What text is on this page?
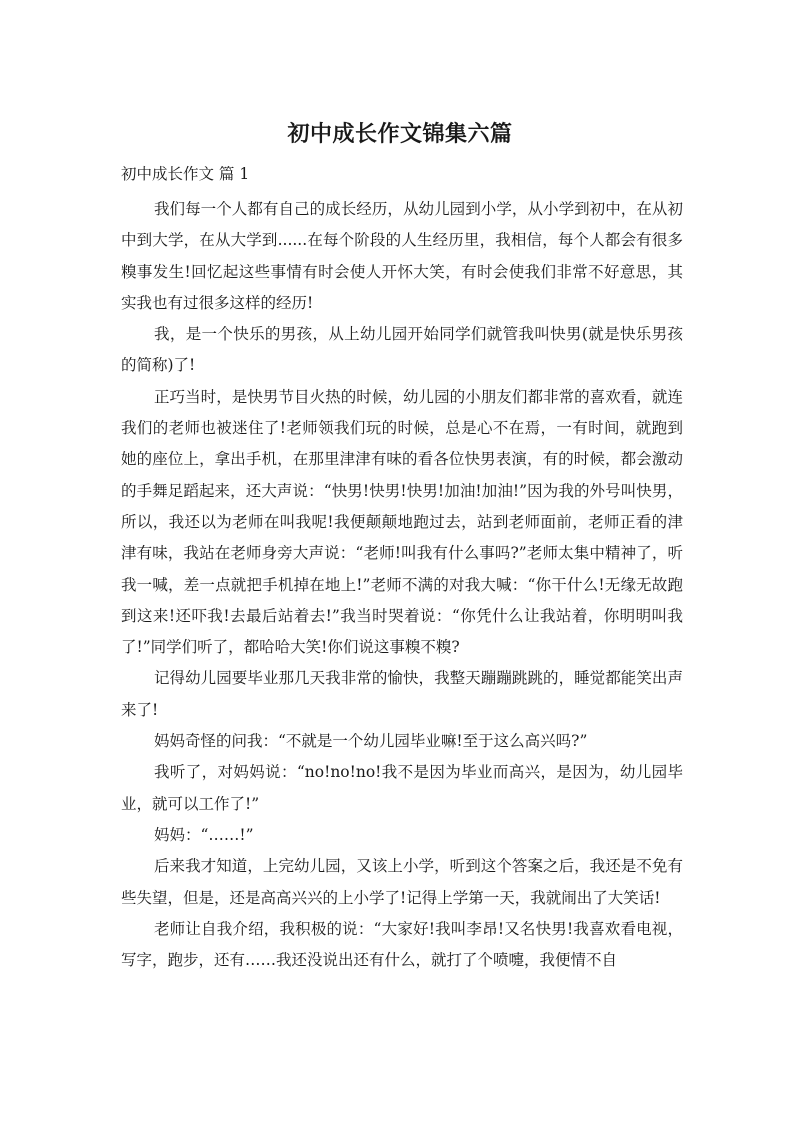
初中成长作文锦集六篇

初中成长作文 篇 1

我们每一个人都有自己的成长经历，从幼儿园到小学，从小学到初中，在从初中到大学，在从大学到......在每个阶段的人生经历里，我相信，每个人都会有很多糗事发生!回忆起这些事情有时会使人开怀大笑，有时会使我们非常不好意思，其实我也有过很多这样的经历!

我，是一个快乐的男孩，从上幼儿园开始同学们就管我叫快男(就是快乐男孩的简称)了!

正巧当时，是快男节目火热的时候，幼儿园的小朋友们都非常的喜欢看，就连我们的老师也被迷住了!老师领我们玩的时候，总是心不在焉，一有时间，就跑到她的座位上，拿出手机，在那里津津有味的看各位快男表演，有的时候，都会激动的手舞足蹈起来，还大声说：“快男!快男!快男!加油!加油!”因为我的外号叫快男，所以，我还以为老师在叫我呢!我便颠颠地跑过去，站到老师面前，老师正看的津津有味，我站在老师身旁大声说：“老师!叫我有什么事吗?”老师太集中精神了，听我一喊，差一点就把手机掉在地上!”老师不满的对我大喊：“你干什么!无缘无故跑到这来!还吓我!去最后站着去!”我当时哭着说：“你凭什么让我站着，你明明叫我了!”同学们听了，都哈哈大笑!你们说这事糗不糗?

记得幼儿园要毕业那几天我非常的愉快，我整天蹦蹦跳跳的，睡觉都能笑出声来了!

妈妈奇怪的问我：“不就是一个幼儿园毕业嘛!至于这么高兴吗?”

我听了，对妈妈说：“no!no!no!我不是因为毕业而高兴，是因为，幼儿园毕业，就可以工作了!”

妈妈：“……!”

后来我才知道，上完幼儿园，又该上小学，听到这个答案之后，我还是不免有些失望，但是，还是高高兴兴的上小学了!记得上学第一天，我就闹出了大笑话!

老师让自我介绍，我积极的说：“大家好!我叫李昂!又名快男!我喜欢看电视，写字，跑步，还有……我还没说出还有什么，就打了个喷嚏，我便情不自
